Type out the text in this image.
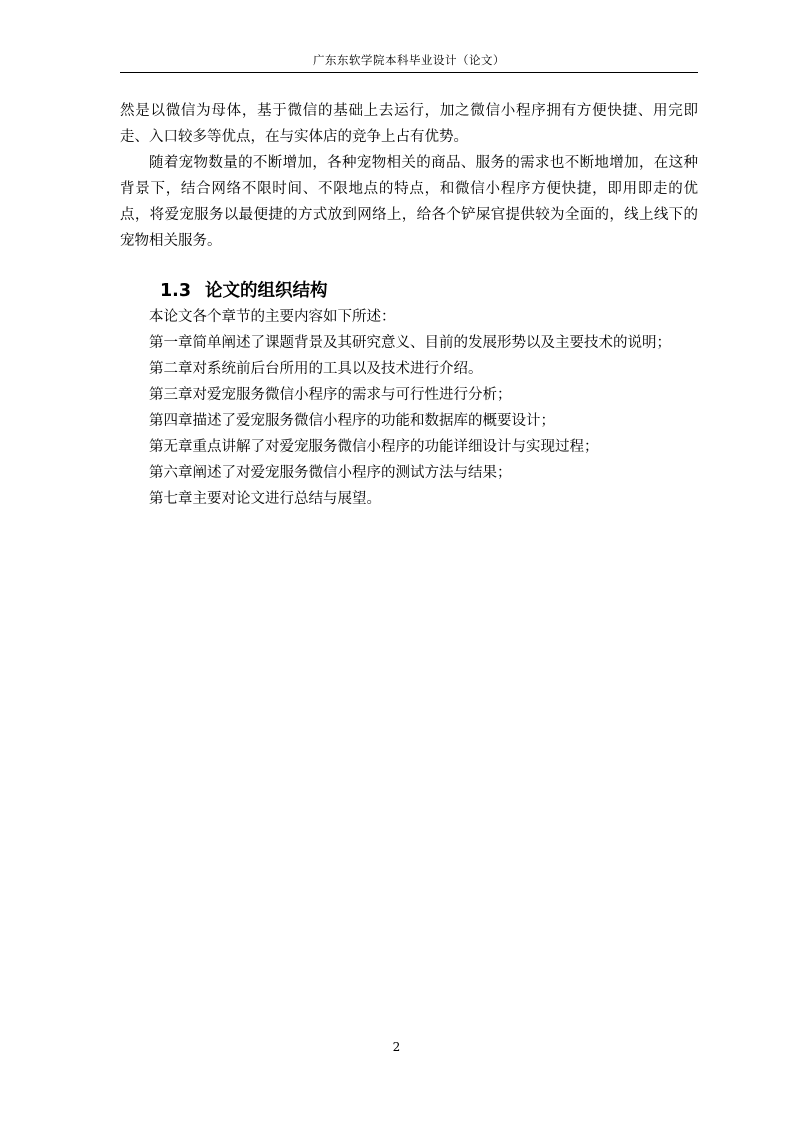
广东东软学院本科毕业设计（论文）

然是以微信为母体，基于微信的基础上去运行，加之微信小程序拥有方便快捷、用完即走、入口较多等优点，在与实体店的竞争上占有优势。

随着宠物数量的不断增加，各种宠物相关的商品、服务的需求也不断地增加，在这种背景下，结合网络不限时间、不限地点的特点，和微信小程序方便快捷，即用即走的优点，将爱宠服务以最便捷的方式放到网络上，给各个铲屎官提供较为全面的，线上线下的宠物相关服务。

1.3 论文的组织结构

本论文各个章节的主要内容如下所述：

第一章简单阐述了课题背景及其研究意义、目前的发展形势以及主要技术的说明；

第二章对系统前后台所用的工具以及技术进行介绍。

第三章对爱宠服务微信小程序的需求与可行性进行分析；

第四章描述了爱宠服务微信小程序的功能和数据库的概要设计；

第无章重点讲解了对爱宠服务微信小程序的功能详细设计与实现过程；

第六章阐述了对爱宠服务微信小程序的测试方法与结果；

第七章主要对论文进行总结与展望。

2
